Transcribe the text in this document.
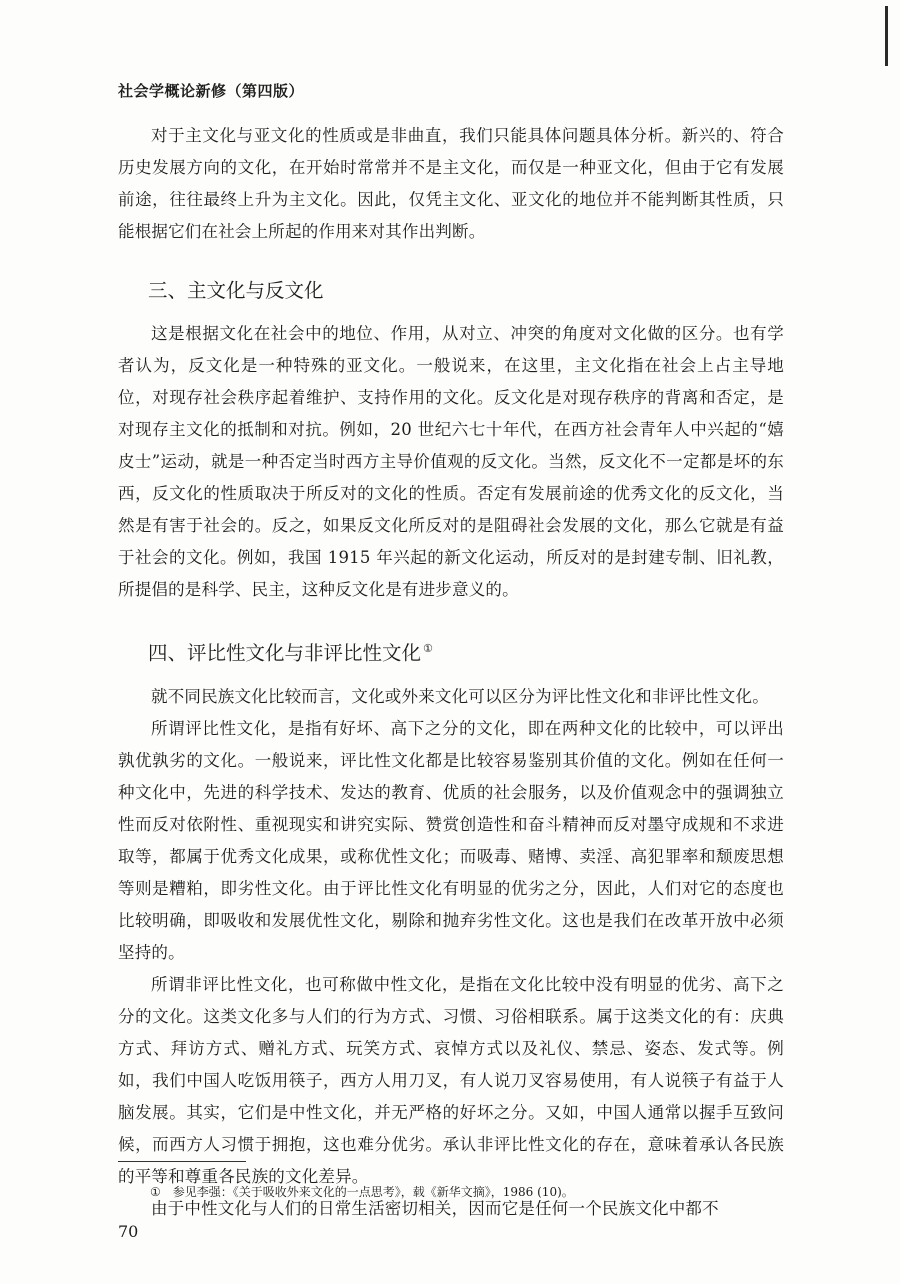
社会学概论新修（第四版）

对于主文化与亚文化的性质或是非曲直，我们只能具体问题具体分析。新兴的、符合历史发展方向的文化，在开始时常常并不是主文化，而仅是一种亚文化，但由于它有发展前途，往往最终上升为主文化。因此，仅凭主文化、亚文化的地位并不能判断其性质，只能根据它们在社会上所起的作用来对其作出判断。

三、主文化与反文化

这是根据文化在社会中的地位、作用，从对立、冲突的角度对文化做的区分。也有学者认为，反文化是一种特殊的亚文化。一般说来，在这里，主文化指在社会上占主导地位，对现存社会秩序起着维护、支持作用的文化。反文化是对现存秩序的背离和否定，是对现存主文化的抵制和对抗。例如，20 世纪六七十年代，在西方社会青年人中兴起的“嬉皮士”运动，就是一种否定当时西方主导价值观的反文化。当然，反文化不一定都是坏的东西，反文化的性质取决于所反对的文化的性质。否定有发展前途的优秀文化的反文化，当然是有害于社会的。反之，如果反文化所反对的是阻碍社会发展的文化，那么它就是有益于社会的文化。例如，我国 1915 年兴起的新文化运动，所反对的是封建专制、旧礼教，所提倡的是科学、民主，这种反文化是有进步意义的。

四、评比性文化与非评比性文化 ①

就不同民族文化比较而言，文化或外来文化可以区分为评比性文化和非评比性文化。

所谓评比性文化，是指有好坏、高下之分的文化，即在两种文化的比较中，可以评出孰优孰劣的文化。一般说来，评比性文化都是比较容易鉴别其价值的文化。例如在任何一种文化中，先进的科学技术、发达的教育、优质的社会服务，以及价值观念中的强调独立性而反对依附性、重视现实和讲究实际、赞赏创造性和奋斗精神而反对墨守成规和不求进取等，都属于优秀文化成果，或称优性文化；而吸毒、赌博、卖淫、高犯罪率和颓废思想等则是糟粕，即劣性文化。由于评比性文化有明显的优劣之分，因此，人们对它的态度也比较明确，即吸收和发展优性文化，剔除和抛弃劣性文化。这也是我们在改革开放中必须坚持的。

所谓非评比性文化，也可称做中性文化，是指在文化比较中没有明显的优劣、高下之分的文化。这类文化多与人们的行为方式、习惯、习俗相联系。属于这类文化的有：庆典方式、拜访方式、赠礼方式、玩笑方式、哀悼方式以及礼仪、禁忌、姿态、发式等。例如，我们中国人吃饭用筷子，西方人用刀叉，有人说刀叉容易使用，有人说筷子有益于人脑发展。其实，它们是中性文化，并无严格的好坏之分。又如，中国人通常以握手互致问候，而西方人习惯于拥抱，这也难分优劣。承认非评比性文化的存在，意味着承认各民族的平等和尊重各民族的文化差异。

由于中性文化与人们的日常生活密切相关，因而它是任何一个民族文化中都不

① 参见李强：《关于吸收外来文化的一点思考》，载《新华文摘》，1986 (10)。
70
